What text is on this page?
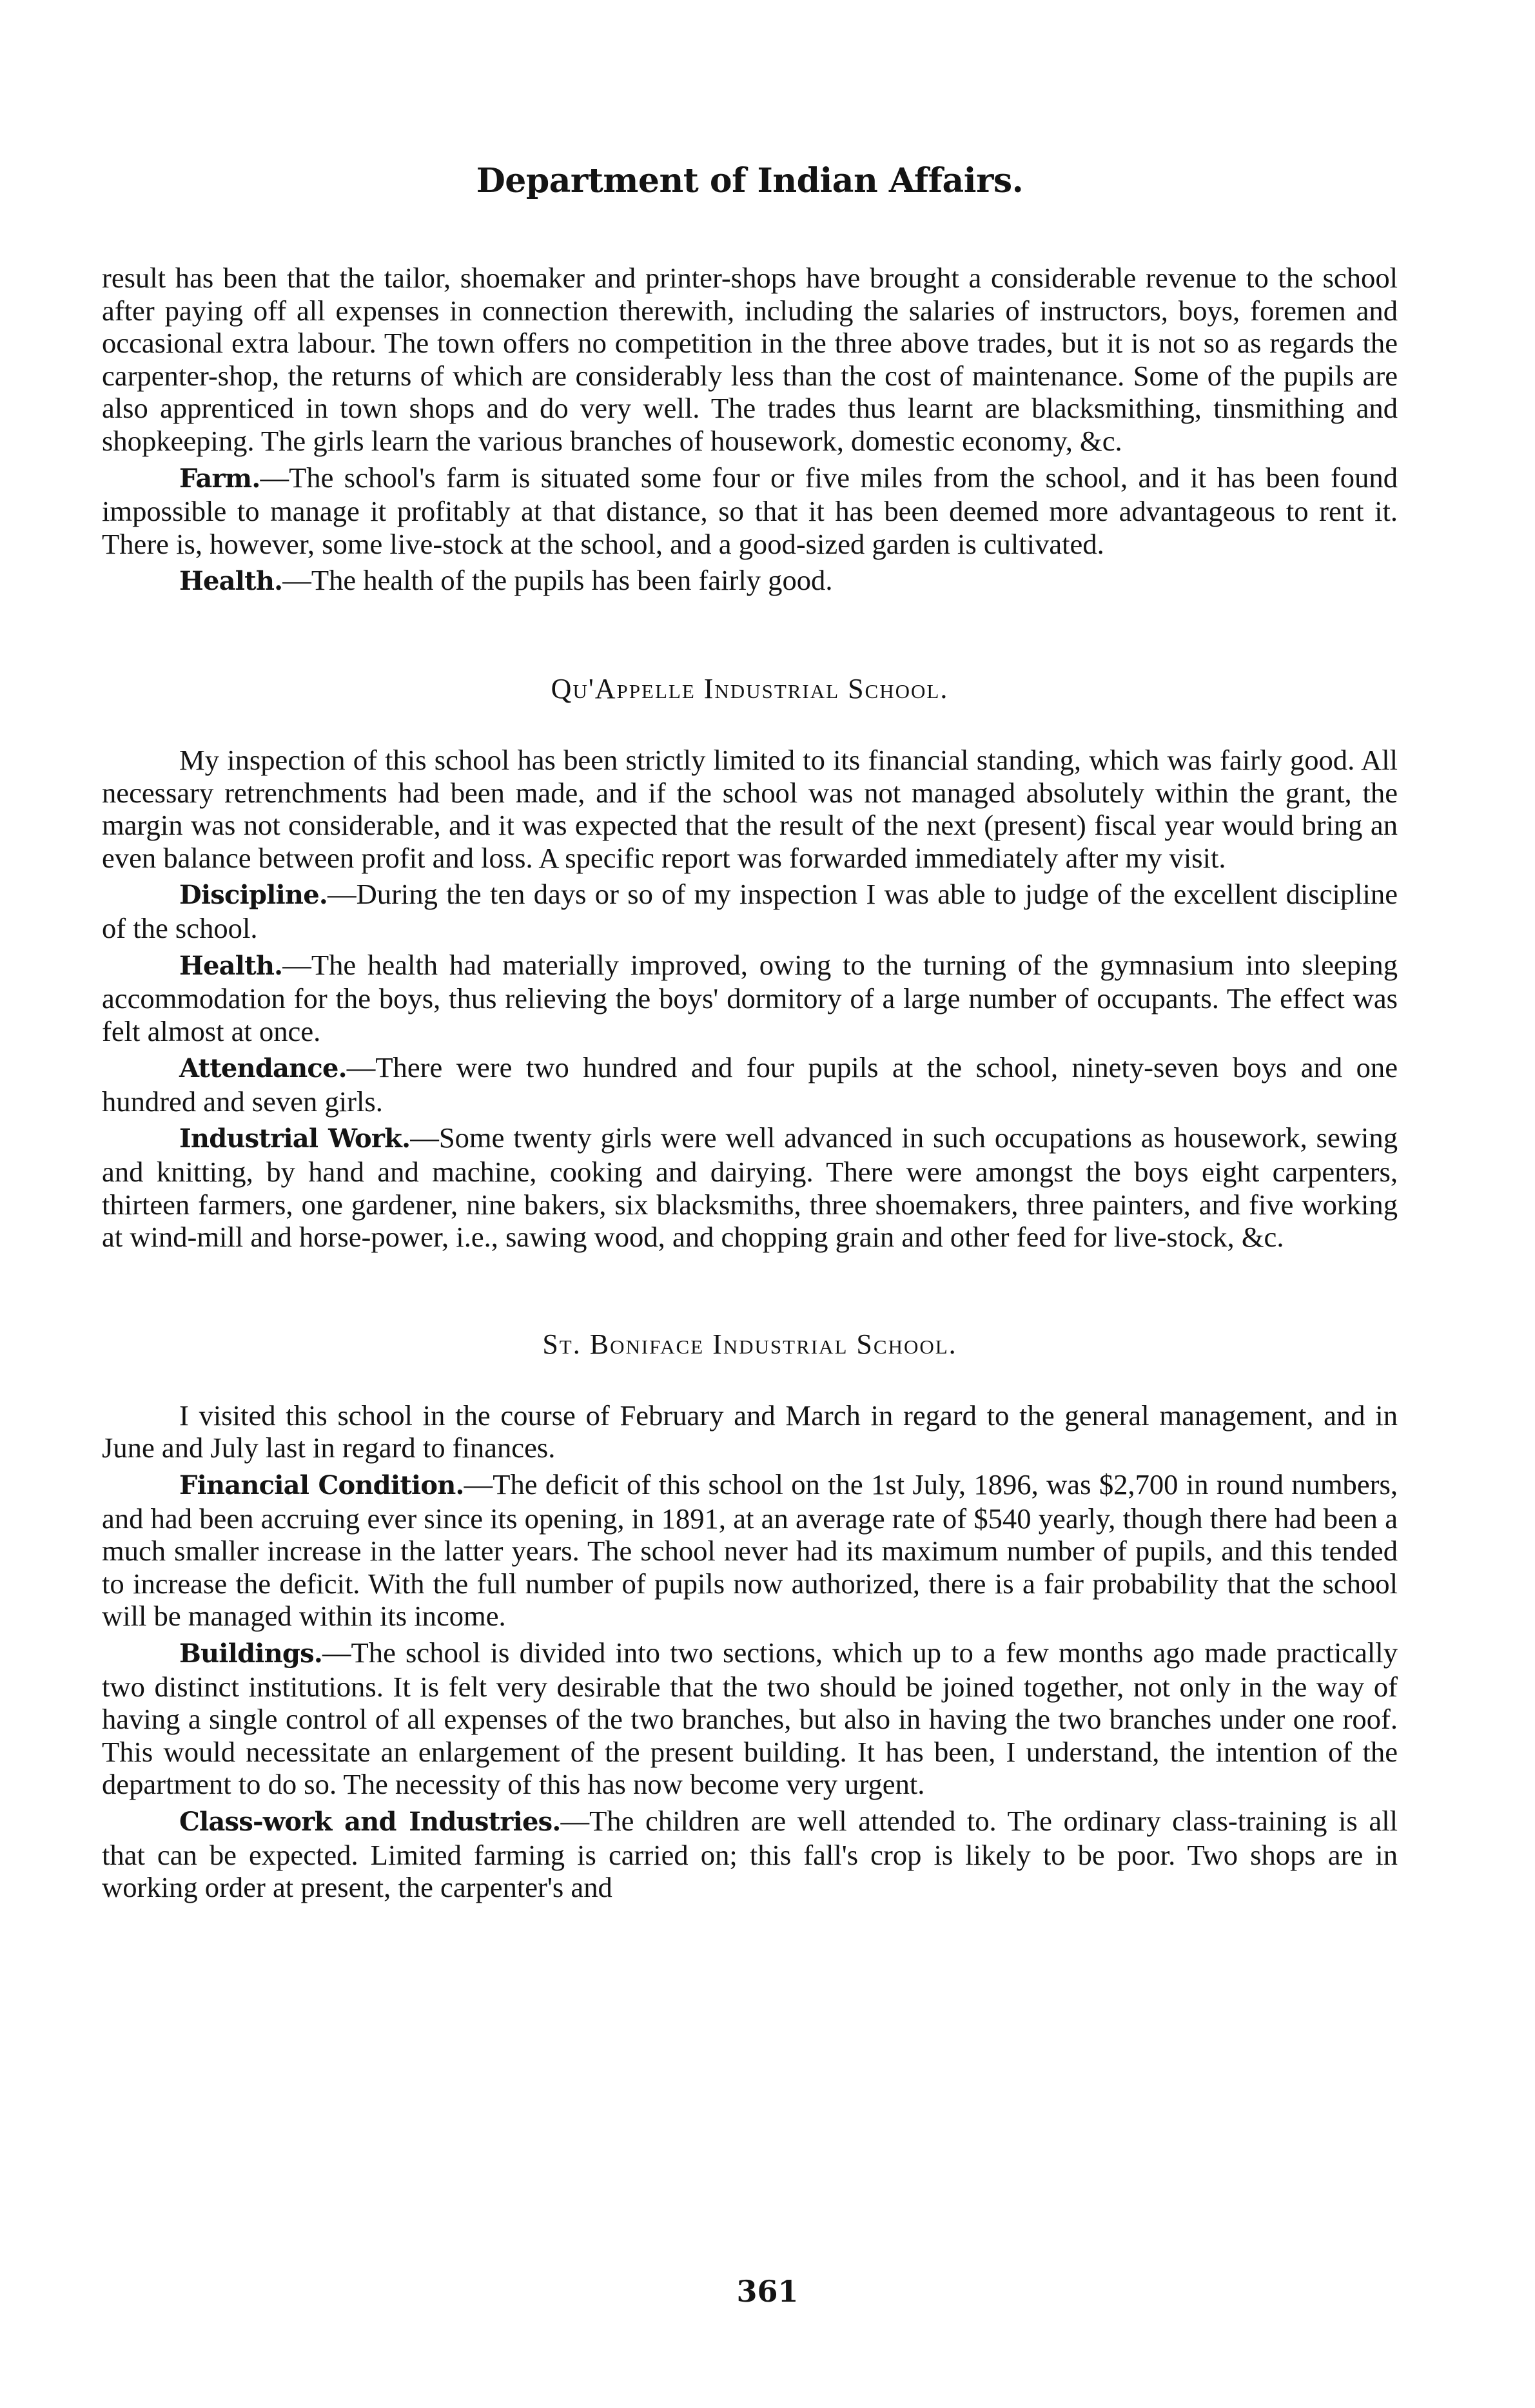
Department of Indian Affairs.

result has been that the tailor, shoemaker and printer-shops have brought a considerable revenue to the school after paying off all expenses in connection therewith, including the salaries of instructors, boys, foremen and occasional extra labour. The town offers no competition in the three above trades, but it is not so as regards the carpenter-shop, the returns of which are considerably less than the cost of maintenance. Some of the pupils are also apprenticed in town shops and do very well. The trades thus learnt are blacksmithing, tinsmithing and shopkeeping. The girls learn the various branches of housework, domestic economy, &c.

Farm.—The school's farm is situated some four or five miles from the school, and it has been found impossible to manage it profitably at that distance, so that it has been deemed more advantageous to rent it. There is, however, some live-stock at the school, and a good-sized garden is cultivated.

Health.—The health of the pupils has been fairly good.

Qu'Appelle Industrial School.

My inspection of this school has been strictly limited to its financial standing, which was fairly good. All necessary retrenchments had been made, and if the school was not managed absolutely within the grant, the margin was not considerable, and it was expected that the result of the next (present) fiscal year would bring an even balance between profit and loss. A specific report was forwarded immediately after my visit.

Discipline.—During the ten days or so of my inspection I was able to judge of the excellent discipline of the school.

Health.—The health had materially improved, owing to the turning of the gymnasium into sleeping accommodation for the boys, thus relieving the boys' dormitory of a large number of occupants. The effect was felt almost at once.

Attendance.—There were two hundred and four pupils at the school, ninety-seven boys and one hundred and seven girls.

Industrial Work.—Some twenty girls were well advanced in such occupations as housework, sewing and knitting, by hand and machine, cooking and dairying. There were amongst the boys eight carpenters, thirteen farmers, one gardener, nine bakers, six blacksmiths, three shoemakers, three painters, and five working at wind-mill and horse-power, i.e., sawing wood, and chopping grain and other feed for live-stock, &c.

St. Boniface Industrial School.

I visited this school in the course of February and March in regard to the general management, and in June and July last in regard to finances.

Financial Condition.—The deficit of this school on the 1st July, 1896, was $2,700 in round numbers, and had been accruing ever since its opening, in 1891, at an average rate of $540 yearly, though there had been a much smaller increase in the latter years. The school never had its maximum number of pupils, and this tended to increase the deficit. With the full number of pupils now authorized, there is a fair probability that the school will be managed within its income.

Buildings.—The school is divided into two sections, which up to a few months ago made practically two distinct institutions. It is felt very desirable that the two should be joined together, not only in the way of having a single control of all expenses of the two branches, but also in having the two branches under one roof. This would necessitate an enlargement of the present building. It has been, I understand, the intention of the department to do so. The necessity of this has now become very urgent.

Class-work and Industries.—The children are well attended to. The ordinary class-training is all that can be expected. Limited farming is carried on; this fall's crop is likely to be poor. Two shops are in working order at present, the carpenter's and

361
